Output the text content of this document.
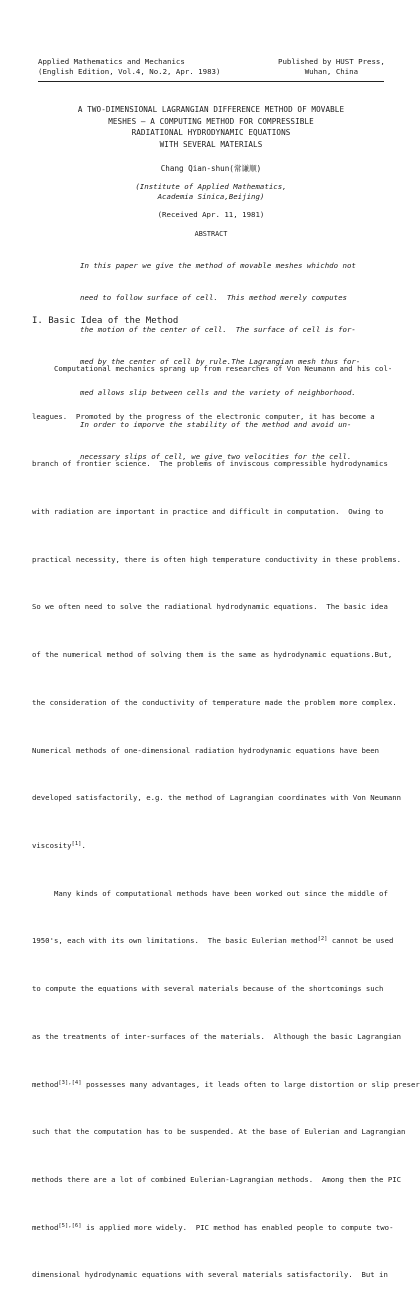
Applied Mathematics and Mechanics
(English Edition, Vol.4, No.2, Apr. 1983)
Published by HUST Press,
Wuhan, China
A TWO-DIMENSIONAL LAGRANGIAN DIFFERENCE METHOD OF MOVABLE
MESHES — A COMPUTING METHOD FOR COMPRESSIBLE
RADIATIONAL HYDRODYNAMIC EQUATIONS
WITH SEVERAL MATERIALS
Chang Qian-shun(常谦顺)
(Institute of Applied Mathematics,
Academia Sinica,Beijing)
(Received Apr. 11, 1981)
ABSTRACT

In this paper we give the method of movable meshes whichdo not

need to follow surface of cell.  This method merely computes

the motion of the center of cell.  The surface of cell is for-

med by the center of cell by rule.The Lagrangian mesh thus for-

med allows slip between cells and the variety of neighborhood.

In order to imporve the stability of the method and avoid un-

necessary slips of cell, we give two velocities for the cell.

I. Basic Idea of the Method

Computational mechanics sprang up from researches of Von Neumann and his col-

leagues.  Promoted by the progress of the electronic computer, it has become a

branch of frontier science.  The problems of inviscous compressible hydrodynamics

with radiation are important in practice and difficult in computation.  Owing to

practical necessity, there is often high temperature conductivity in these problems.

So we often need to solve the radiational hydrodynamic equations.  The basic idea

of the numerical method of solving them is the same as hydrodynamic equations.But,

the consideration of the conductivity of temperature made the problem more complex.

Numerical methods of one-dimensional radiation hydrodynamic equations have been

developed satisfactorily, e.g. the method of Lagrangian coordinates with Von Neumann

viscosity[1].

Many kinds of computational methods have been worked out since the middle of

1950's, each with its own limitations.  The basic Eulerian method[2] cannot be used

to compute the equations with several materials because of the shortcomings such

as the treatments of inter-surfaces of the materials.  Although the basic Lagrangian

method[3],[4] possesses many advantages, it leads often to large distortion or slip preser

such that the computation has to be suspended. At the base of Eulerian and Lagrangian

methods there are a lot of combined Eulerian-Lagrangian methods.  Among them the PIC

method[5],[6] is applied more widely.  PIC method has enabled people to compute two-

dimensional hydrodynamic equations with several materials satisfactorily.  But in
